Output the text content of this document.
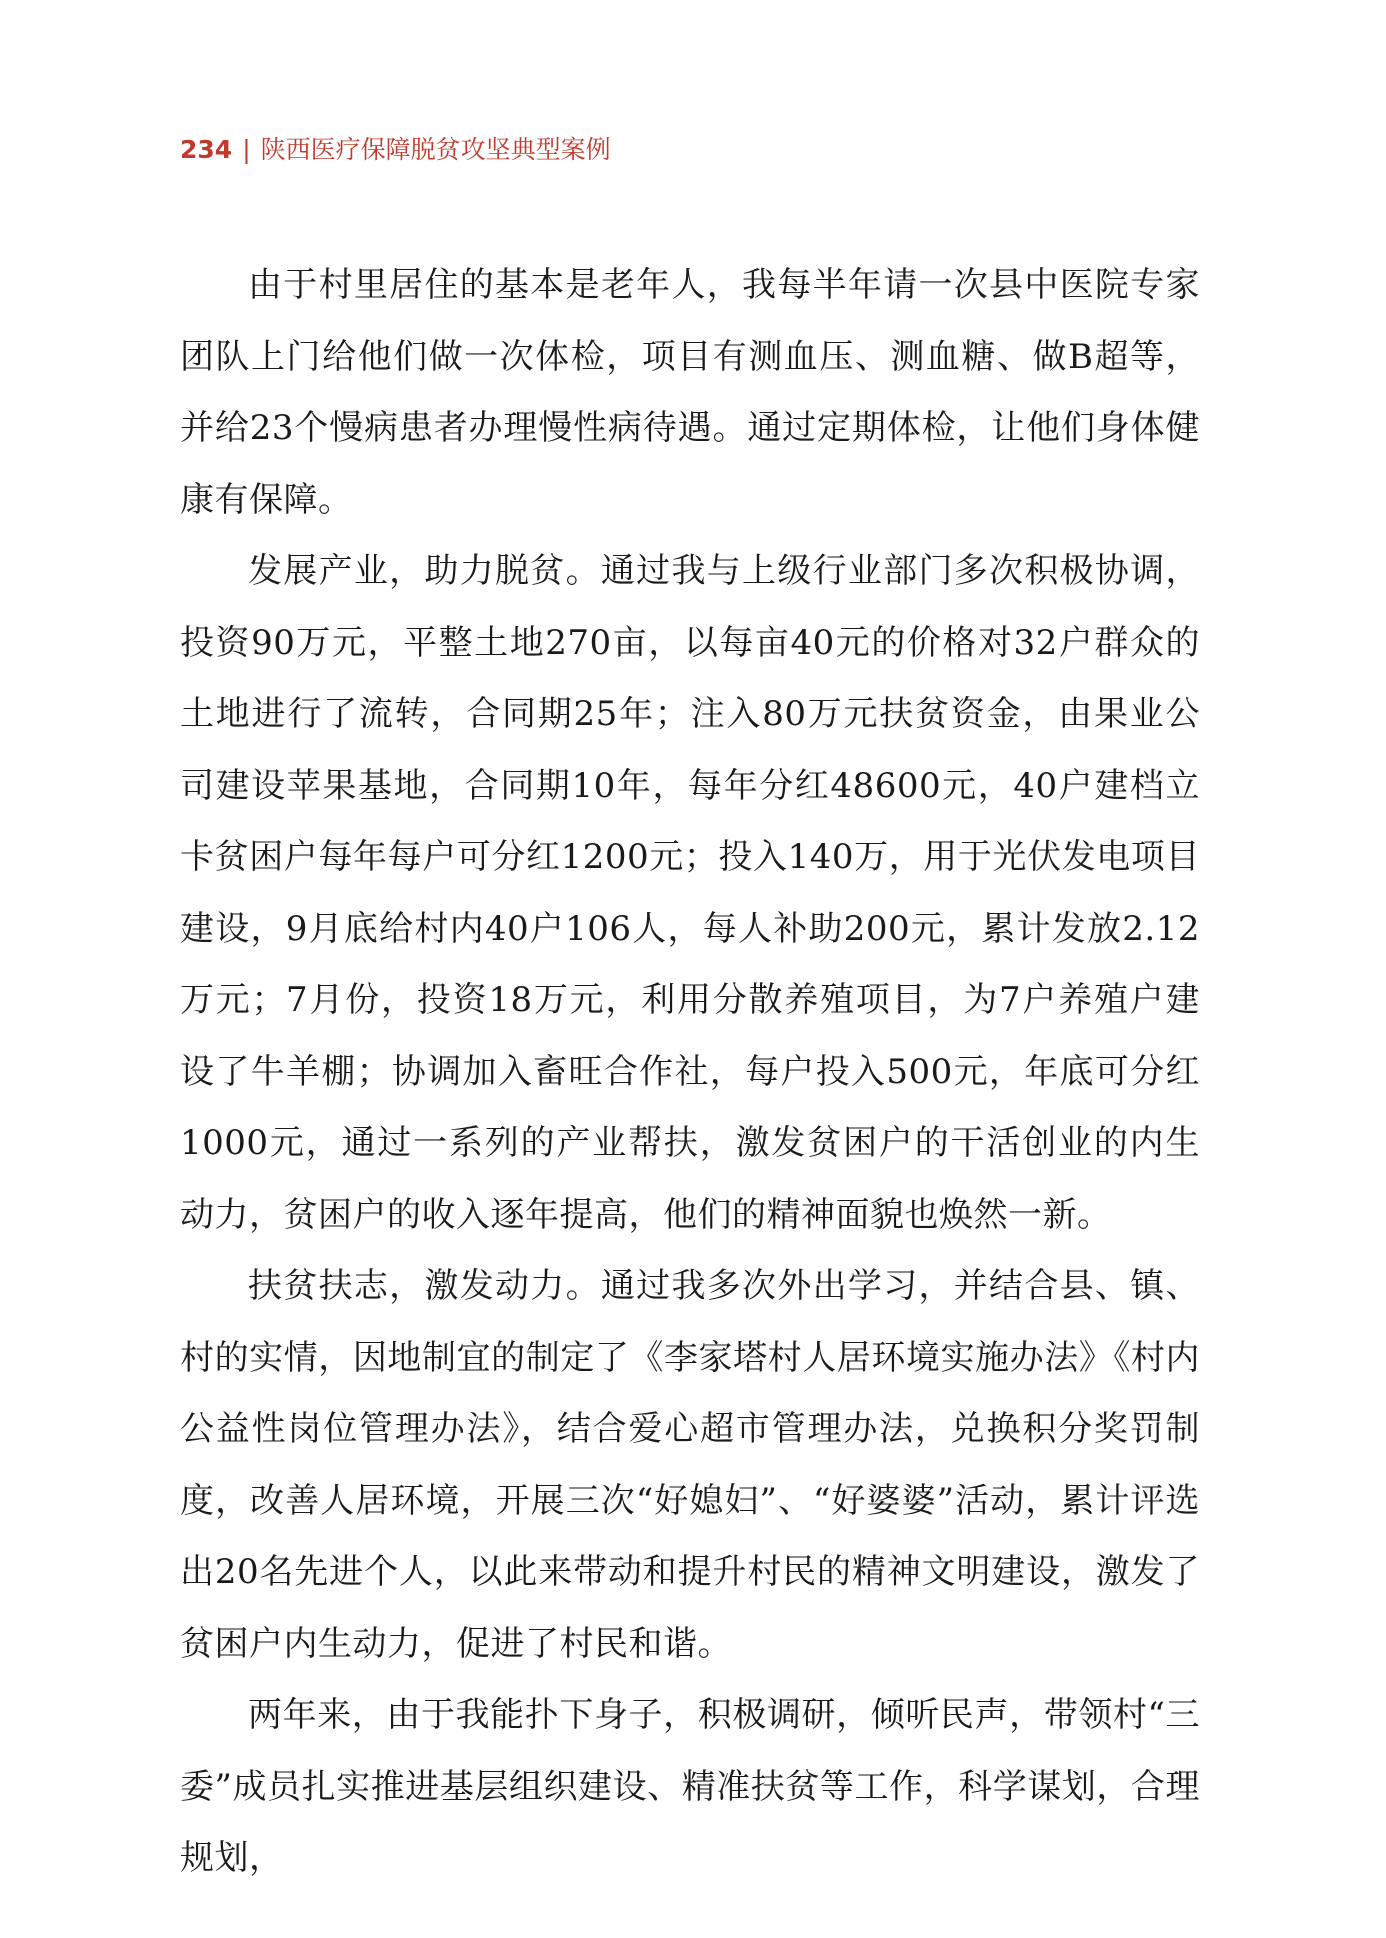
234 | 陕西医疗保障脱贫攻坚典型案例

由于村里居住的基本是老年人，我每半年请一次县中医院专家团队上门给他们做一次体检，项目有测血压、测血糖、做B超等，并给23个慢病患者办理慢性病待遇。通过定期体检，让他们身体健康有保障。

发展产业，助力脱贫。通过我与上级行业部门多次积极协调，投资90万元，平整土地270亩，以每亩40元的价格对32户群众的土地进行了流转，合同期25年；注入80万元扶贫资金，由果业公司建设苹果基地，合同期10年，每年分红48600元，40户建档立卡贫困户每年每户可分红1200元；投入140万，用于光伏发电项目建设，9月底给村内40户106人，每人补助200元，累计发放2.12万元；7月份，投资18万元，利用分散养殖项目，为7户养殖户建设了牛羊棚；协调加入畜旺合作社，每户投入500元，年底可分红1000元，通过一系列的产业帮扶，激发贫困户的干活创业的内生动力，贫困户的收入逐年提高，他们的精神面貌也焕然一新。

扶贫扶志，激发动力。通过我多次外出学习，并结合县、镇、村的实情，因地制宜的制定了《李家塔村人居环境实施办法》《村内公益性岗位管理办法》，结合爱心超市管理办法，兑换积分奖罚制度，改善人居环境，开展三次“好媳妇”、“好婆婆”活动，累计评选出20名先进个人，以此来带动和提升村民的精神文明建设，激发了贫困户内生动力，促进了村民和谐。

两年来，由于我能扑下身子，积极调研，倾听民声，带领村“三委”成员扎实推进基层组织建设、精准扶贫等工作，科学谋划，合理规划，
